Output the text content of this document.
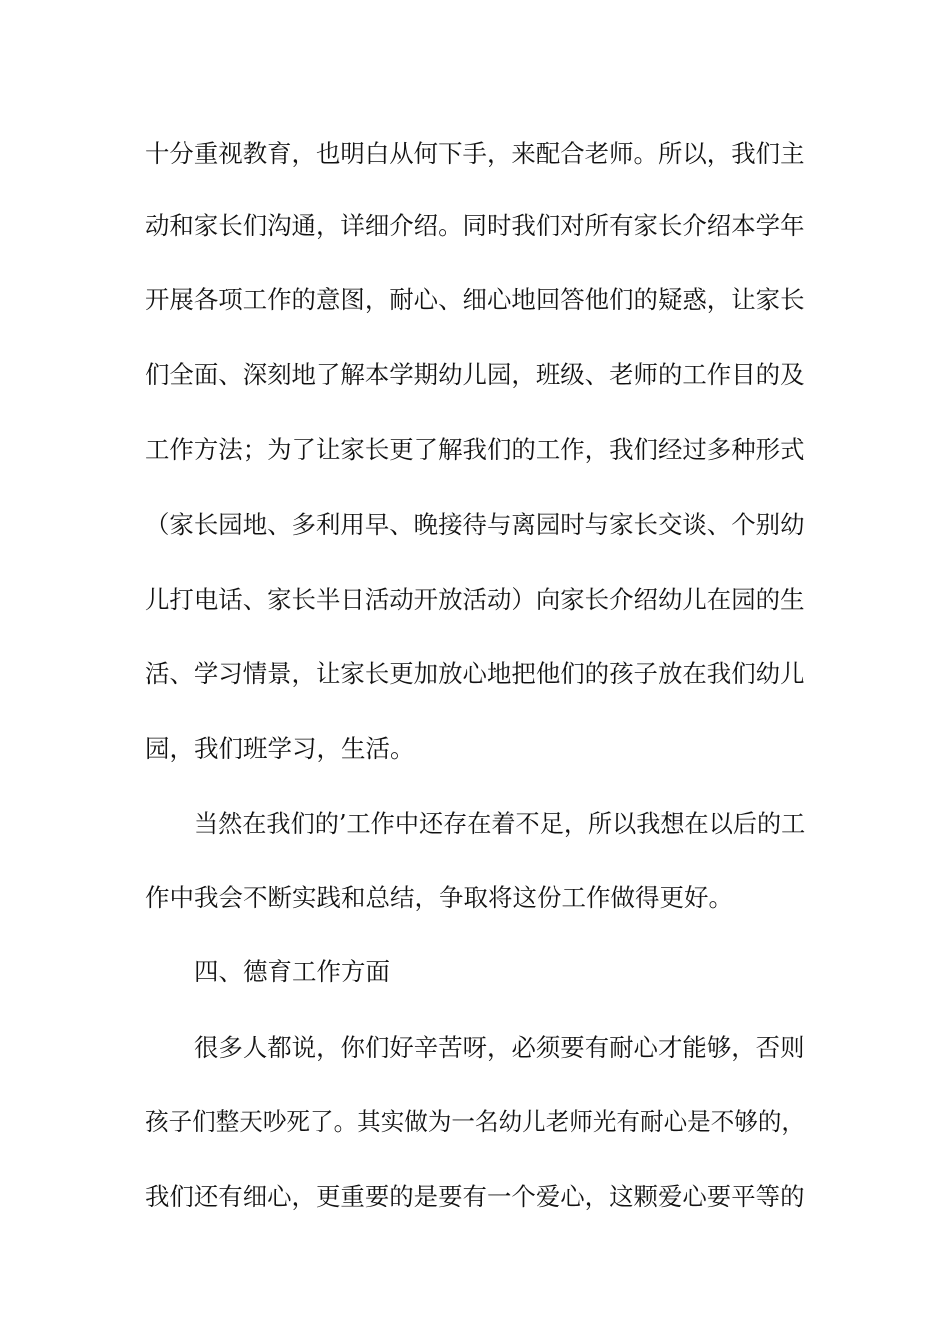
十分重视教育，也明白从何下手，来配合老师。所以，我们主
动和家长们沟通，详细介绍。同时我们对所有家长介绍本学年
开展各项工作的意图，耐心、细心地回答他们的疑惑，让家长
们全面、深刻地了解本学期幼儿园，班级、老师的工作目的及
工作方法；为了让家长更了解我们的工作，我们经过多种形式
（家长园地、多利用早、晚接待与离园时与家长交谈、个别幼
儿打电话、家长半日活动开放活动）向家长介绍幼儿在园的生
活、学习情景，让家长更加放心地把他们的孩子放在我们幼儿
园，我们班学习，生活。
当然在我们的’工作中还存在着不足，所以我想在以后的工
作中我会不断实践和总结，争取将这份工作做得更好。
四、德育工作方面
很多人都说，你们好辛苦呀，必须要有耐心才能够，否则
孩子们整天吵死了。其实做为一名幼儿老师光有耐心是不够的，
我们还有细心，更重要的是要有一个爱心，这颗爱心要平等的
